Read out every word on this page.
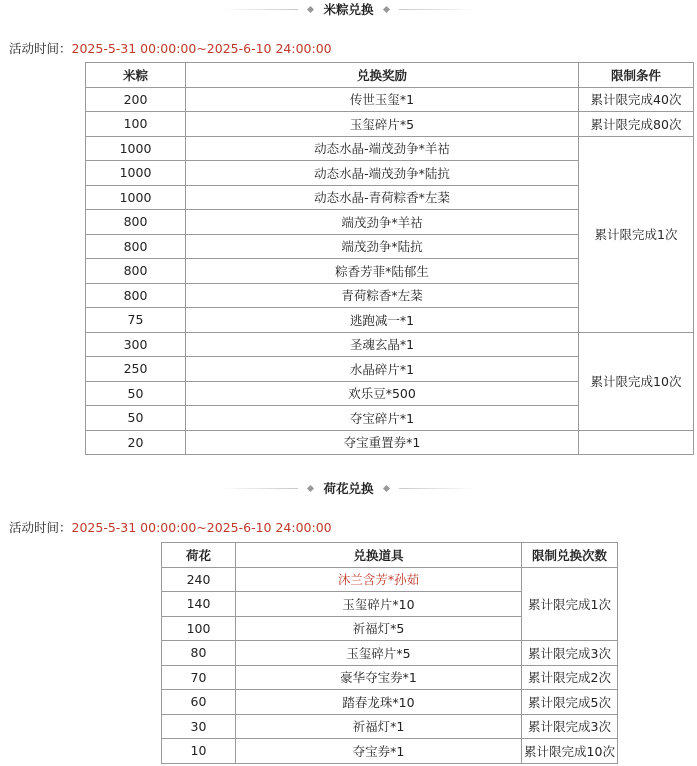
米粽兑换
活动时间：2025-5-31 00:00:00~2025-6-10 24:00:00
米粽	兑换奖励	限制条件
200	传世玉玺*1	累计限完成40次
100	玉玺碎片*5	累计限完成80次
1000	动态水晶-端茂劲争*羊祜	累计限完成1次
1000	动态水晶-端茂劲争*陆抗	
1000	动态水晶-青荷粽香*左棻	
800	端茂劲争*羊祜	
800	端茂劲争*陆抗	
800	粽香芳菲*陆郁生	
800	青荷粽香*左棻	
75	逃跑减一*1	
300	圣魂玄晶*1	累计限完成10次
250	水晶碎片*1	
50	欢乐豆*500	
50	夺宝碎片*1	
20	夺宝重置券*1	
荷花兑换
活动时间：2025-5-31 00:00:00~2025-6-10 24:00:00
荷花	兑换道具	限制兑换次数
240	沐兰含芳*孙茹	累计限完成1次
140	玉玺碎片*10	
100	祈福灯*5	
80	玉玺碎片*5	累计限完成3次
70	豪华夺宝券*1	累计限完成2次
60	踏春龙珠*10	累计限完成5次
30	祈福灯*1	累计限完成3次
10	夺宝券*1	累计限完成10次
